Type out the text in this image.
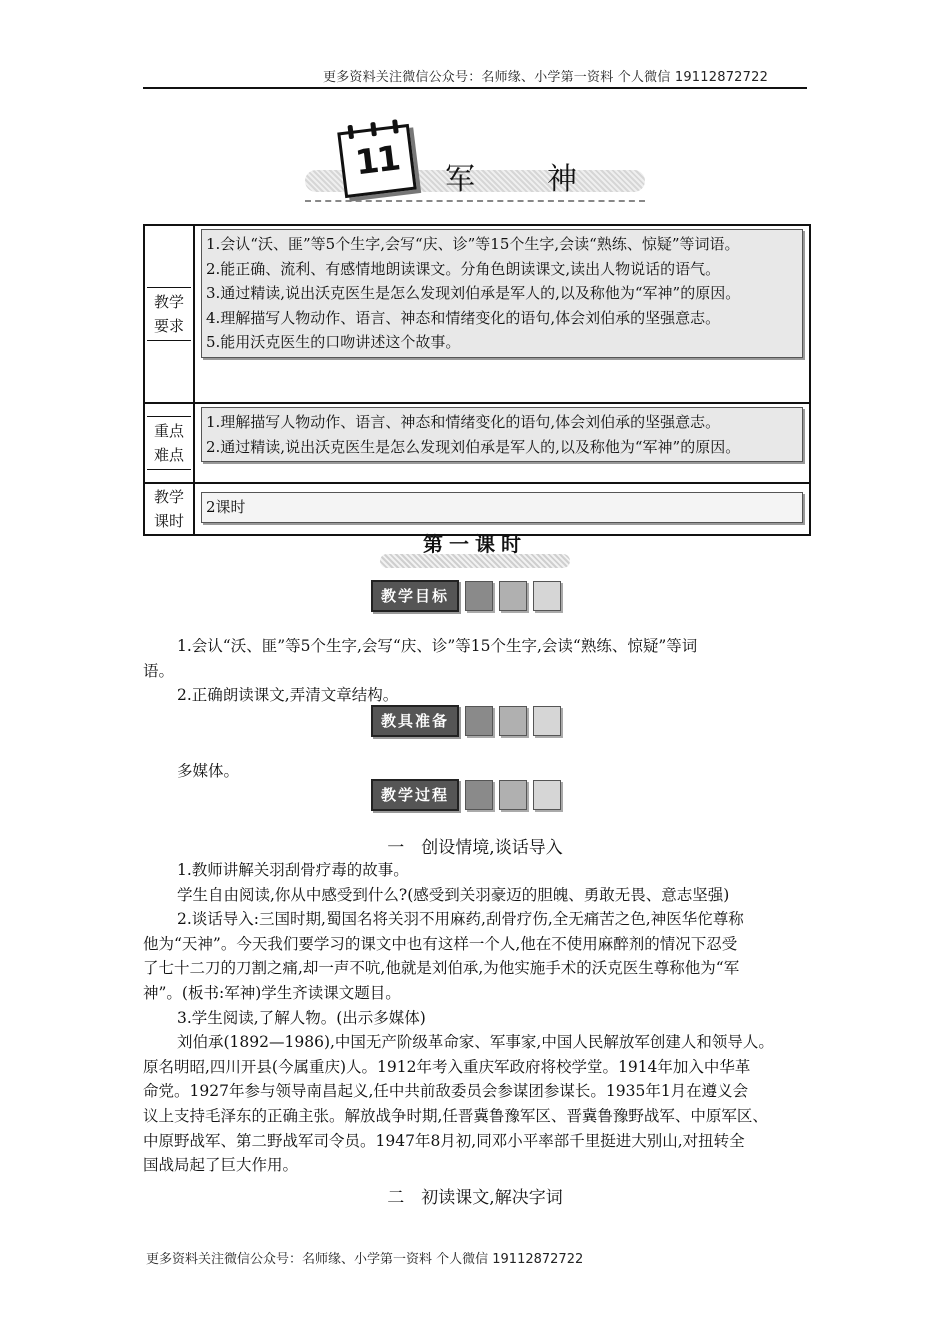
更多资料关注微信公众号：名师缘、小学第一资料 个人微信 19112872722
11	军神
教学要求
1.会认“沃、匪”等5个生字,会写“庆、诊”等15个生字,会读“熟练、惊疑”等词语。
2.能正确、流利、有感情地朗读课文。分角色朗读课文,读出人物说话的语气。
3.通过精读,说出沃克医生是怎么发现刘伯承是军人的,以及称他为“军神”的原因。
4.理解描写人物动作、语言、神态和情绪变化的语句,体会刘伯承的坚强意志。
5.能用沃克医生的口吻讲述这个故事。
重点难点
1.理解描写人物动作、语言、神态和情绪变化的语句,体会刘伯承的坚强意志。
2.通过精读,说出沃克医生是怎么发现刘伯承是军人的,以及称他为“军神”的原因。
教学课时
2课时
第一课时
教学目标
1.会认“沃、匪”等5个生字,会写“庆、诊”等15个生字,会读“熟练、惊疑”等词
语。
2.正确朗读课文,弄清文章结构。
教具准备
多媒体。
教学过程
一　创设情境,谈话导入
1.教师讲解关羽刮骨疗毒的故事。
学生自由阅读,你从中感受到什么?(感受到关羽豪迈的胆魄、勇敢无畏、意志坚强)
2.谈话导入:三国时期,蜀国名将关羽不用麻药,刮骨疗伤,全无痛苦之色,神医华佗尊称
他为“天神”。今天我们要学习的课文中也有这样一个人,他在不使用麻醉剂的情况下忍受
了七十二刀的刀割之痛,却一声不吭,他就是刘伯承,为他实施手术的沃克医生尊称他为“军
神”。(板书:军神)学生齐读课文题目。
3.学生阅读,了解人物。(出示多媒体)
刘伯承(1892—1986),中国无产阶级革命家、军事家,中国人民解放军创建人和领导人。
原名明昭,四川开县(今属重庆)人。1912年考入重庆军政府将校学堂。1914年加入中华革
命党。1927年参与领导南昌起义,任中共前敌委员会参谋团参谋长。1935年1月在遵义会
议上支持毛泽东的正确主张。解放战争时期,任晋冀鲁豫军区、晋冀鲁豫野战军、中原军区、
中原野战军、第二野战军司令员。1947年8月初,同邓小平率部千里挺进大别山,对扭转全
国战局起了巨大作用。
二　初读课文,解决字词
更多资料关注微信公众号：名师缘、小学第一资料 个人微信 19112872722
